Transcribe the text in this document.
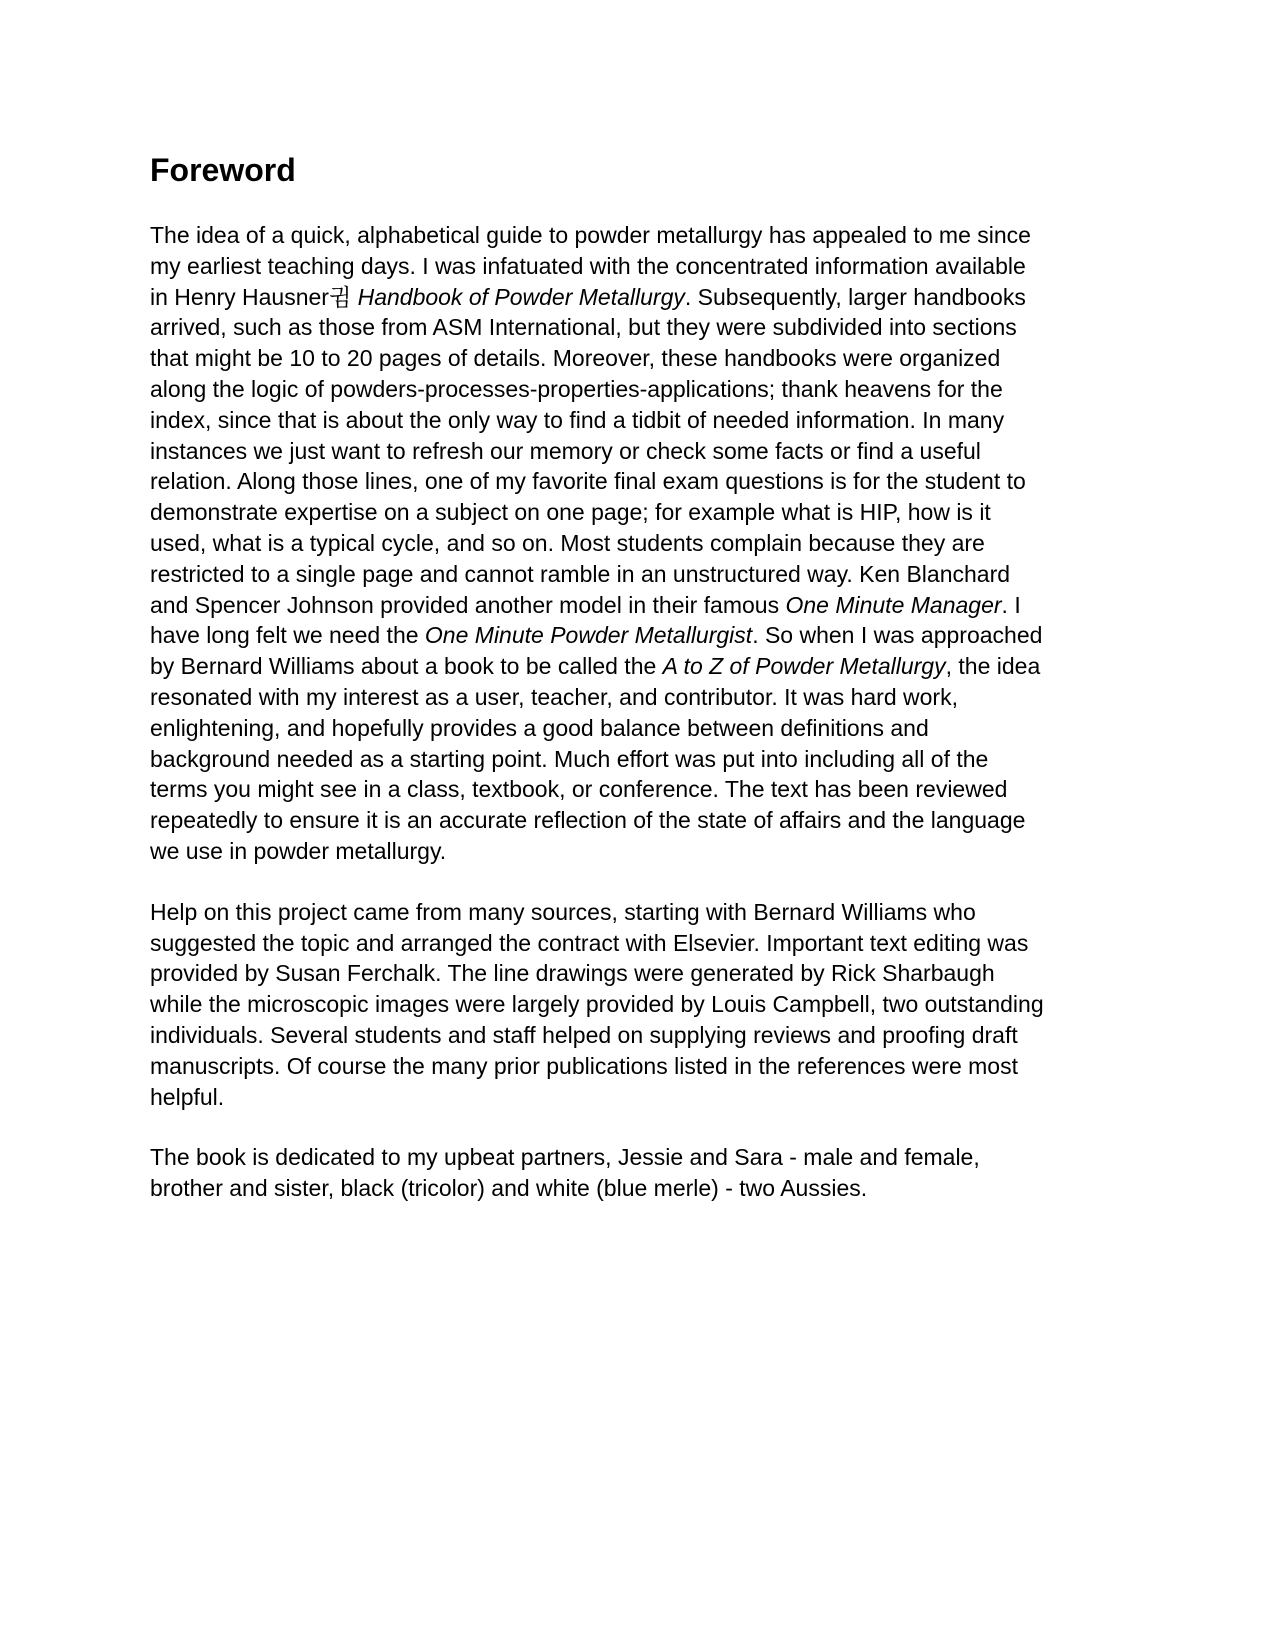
Foreword

The idea of a quick, alphabetical guide to powder metallurgy has appealed to me since
my earliest teaching days. I was infatuated with the concentrated information available
in Henry Hausner귐 Handbook of Powder Metallurgy. Subsequently, larger handbooks
arrived, such as those from ASM International, but they were subdivided into sections
that might be 10 to 20 pages of details. Moreover, these handbooks were organized
along the logic of powders-processes-properties-applications; thank heavens for the
index, since that is about the only way to find a tidbit of needed information. In many
instances we just want to refresh our memory or check some facts or find a useful
relation. Along those lines, one of my favorite final exam questions is for the student to
demonstrate expertise on a subject on one page; for example what is HIP, how is it
used, what is a typical cycle, and so on. Most students complain because they are
restricted to a single page and cannot ramble in an unstructured way. Ken Blanchard
and Spencer Johnson provided another model in their famous One Minute Manager. I
have long felt we need the One Minute Powder Metallurgist. So when I was approached
by Bernard Williams about a book to be called the A to Z of Powder Metallurgy, the idea
resonated with my interest as a user, teacher, and contributor. It was hard work,
enlightening, and hopefully provides a good balance between definitions and
background needed as a starting point. Much effort was put into including all of the
terms you might see in a class, textbook, or conference. The text has been reviewed
repeatedly to ensure it is an accurate reflection of the state of affairs and the language
we use in powder metallurgy.

Help on this project came from many sources, starting with Bernard Williams who
suggested the topic and arranged the contract with Elsevier. Important text editing was
provided by Susan Ferchalk. The line drawings were generated by Rick Sharbaugh
while the microscopic images were largely provided by Louis Campbell, two outstanding
individuals. Several students and staff helped on supplying reviews and proofing draft
manuscripts. Of course the many prior publications listed in the references were most
helpful.

The book is dedicated to my upbeat partners, Jessie and Sara - male and female,
brother and sister, black (tricolor) and white (blue merle) - two Aussies.
